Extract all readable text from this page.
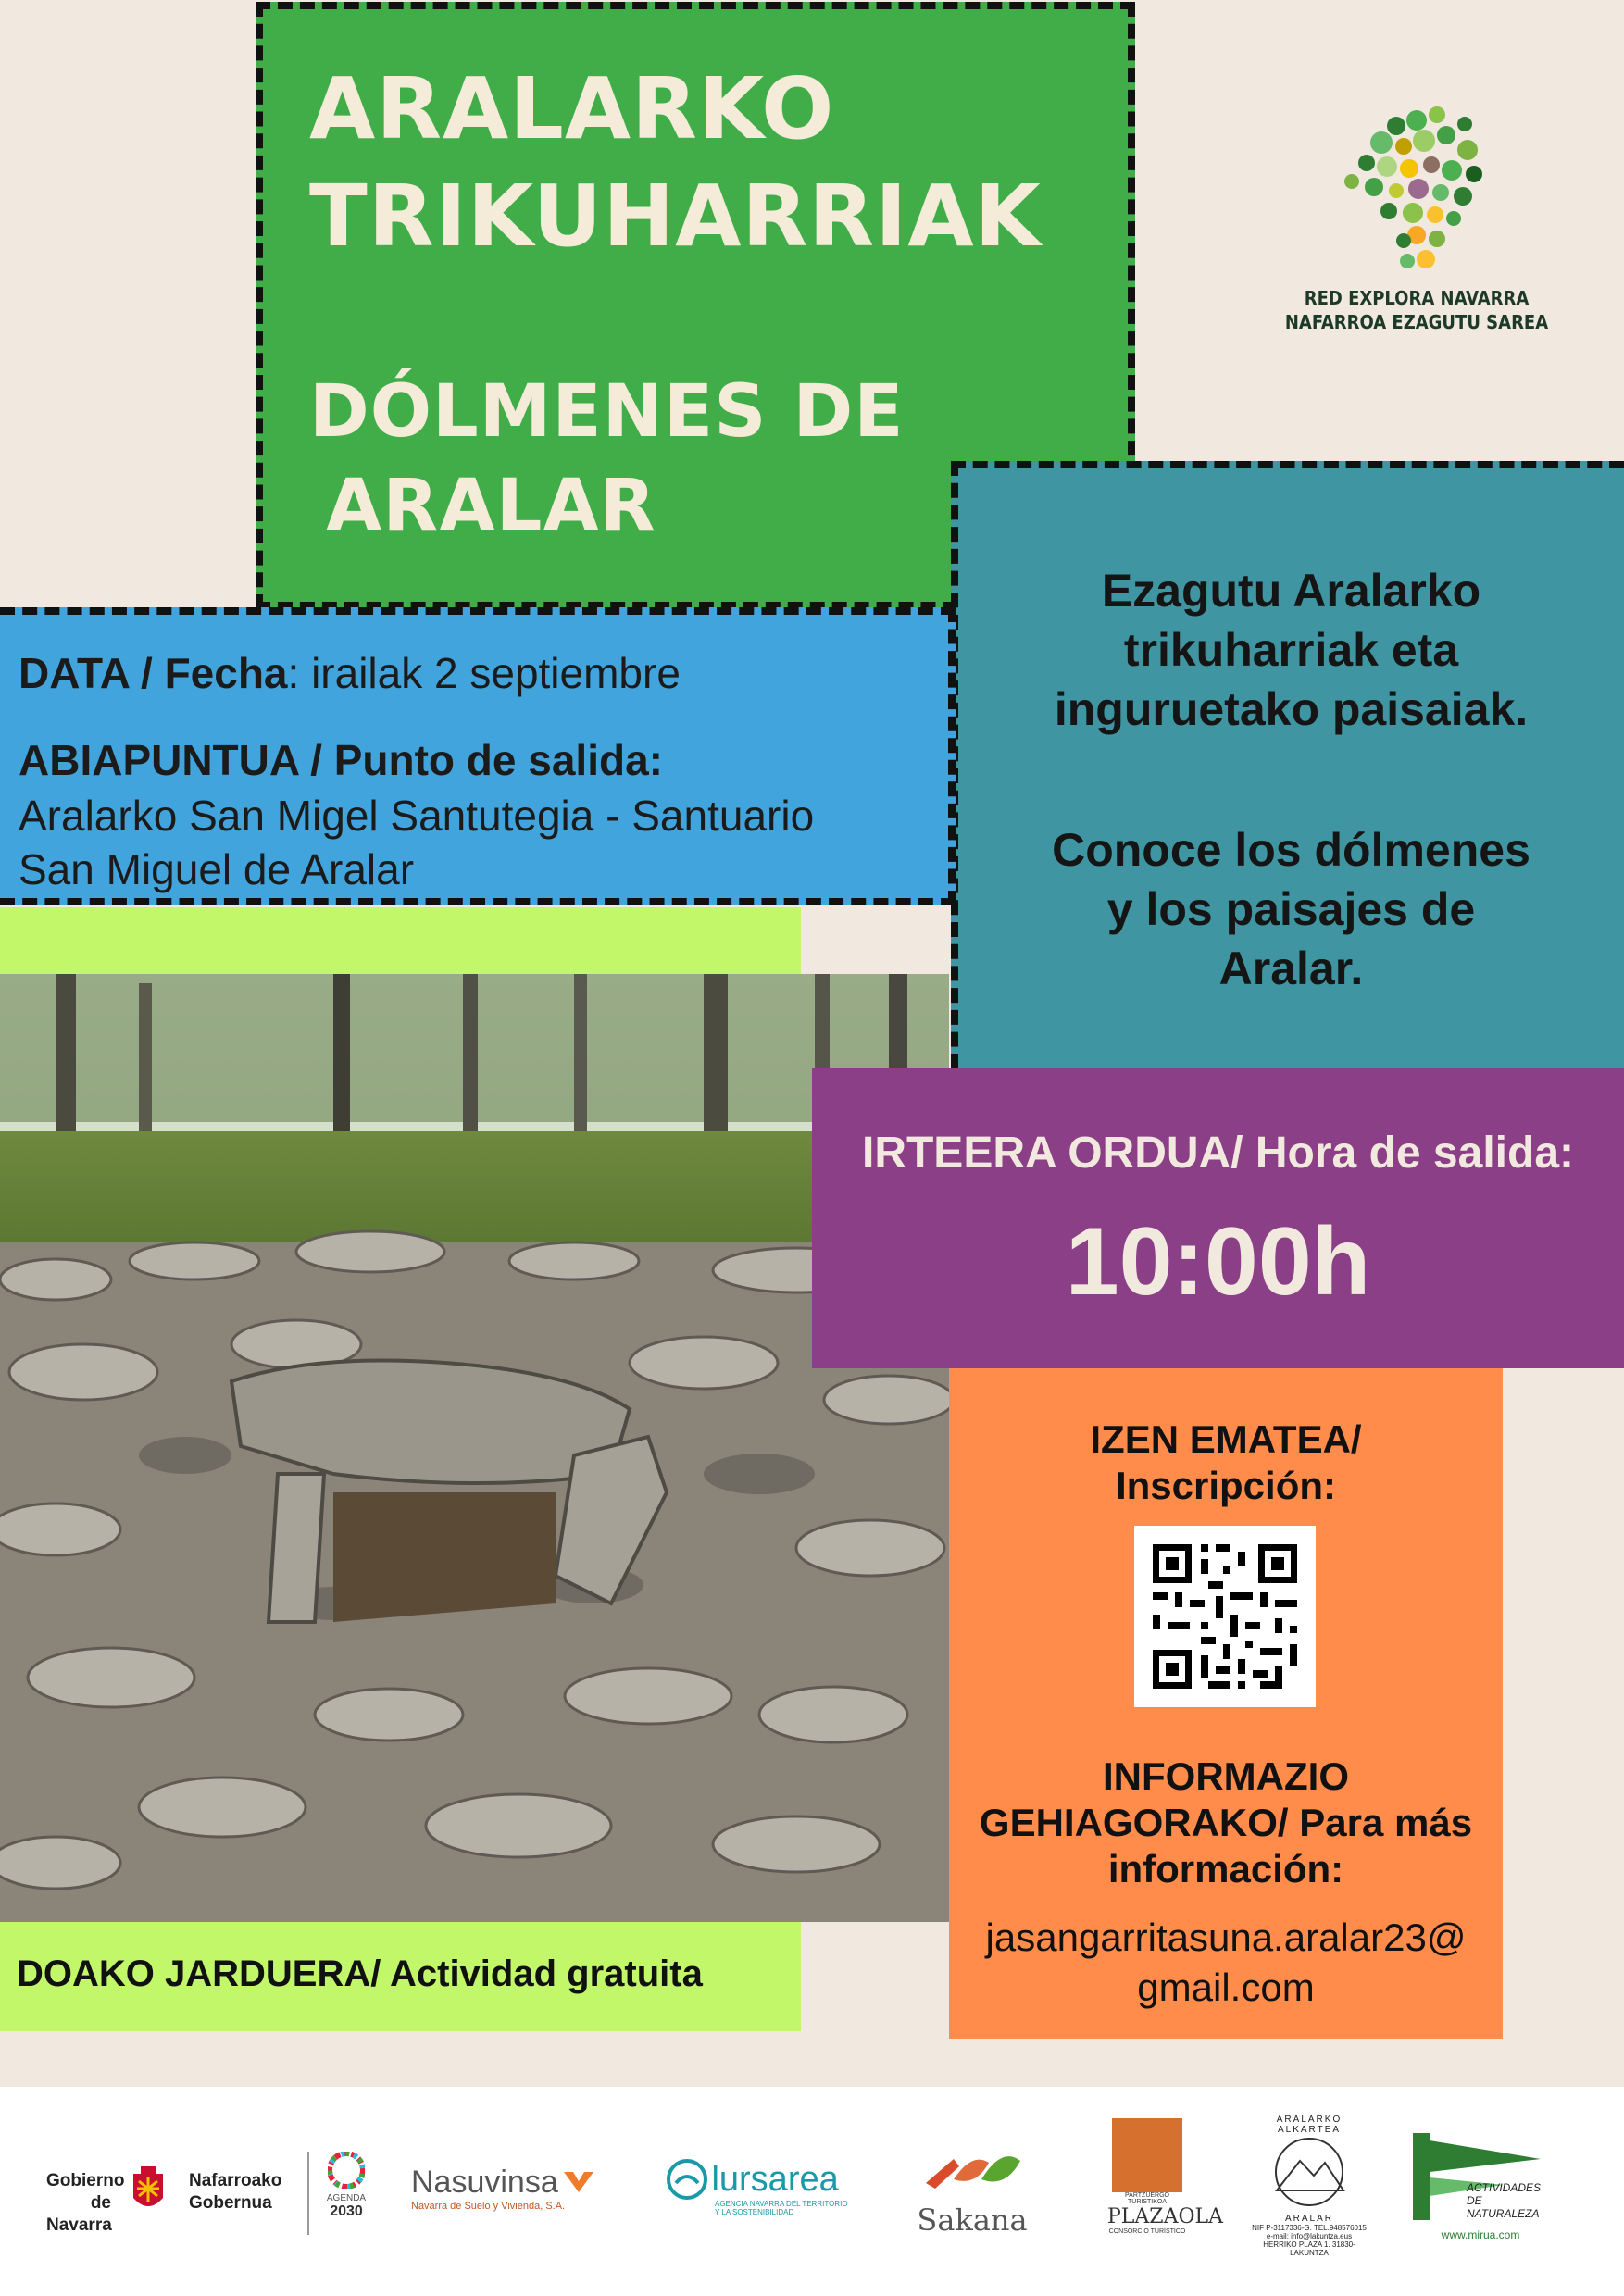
ARALARKO
TRIKUHARRIAK
DÓLMENES DE
ARALAR
RED EXPLORA NAVARRA
NAFARROA EZAGUTU SAREA
Ezagutu Aralarko trikuharriak eta inguruetako paisaiak.
Conoce los dólmenes y los paisajes de Aralar.
DATA / Fecha: irailak 2 septiembre
ABIAPUNTUA / Punto de salida:
Aralarko San Migel Santutegia - Santuario
San Miguel de Aralar
IRTEERA ORDUA/ Hora de salida:
10:00h
IZEN EMATEA/
Inscripción:
INFORMAZIO
GEHIAGORAKO/ Para más
información:
jasangarritasuna.aralar23@
gmail.com
DOAKO JARDUERA/ Actividad gratuita
Gobierno
de Navarra
Nafarroako
Gobernua	AGENDA
2030
Nasuvinsa
Navarra de Suelo y Vivienda, S.A.
lursarea
AGENCIA NAVARRA DEL TERRITORIO
Y LA SOSTENIBILIDAD	Sakana
PARTZUERGO TURISTIKOA
PLAZAOLA
CONSORCIO TURÍSTICO
ARALARKO ALKARTEA
ARALAR
NIF P-3117336-G. TEL.948576015
e-mail: info@lakuntza.eus
HERRIKO PLAZA 1. 31830-LAKUNTZA
ACTIVIDADES
DE
NATURALEZA
www.mirua.com
